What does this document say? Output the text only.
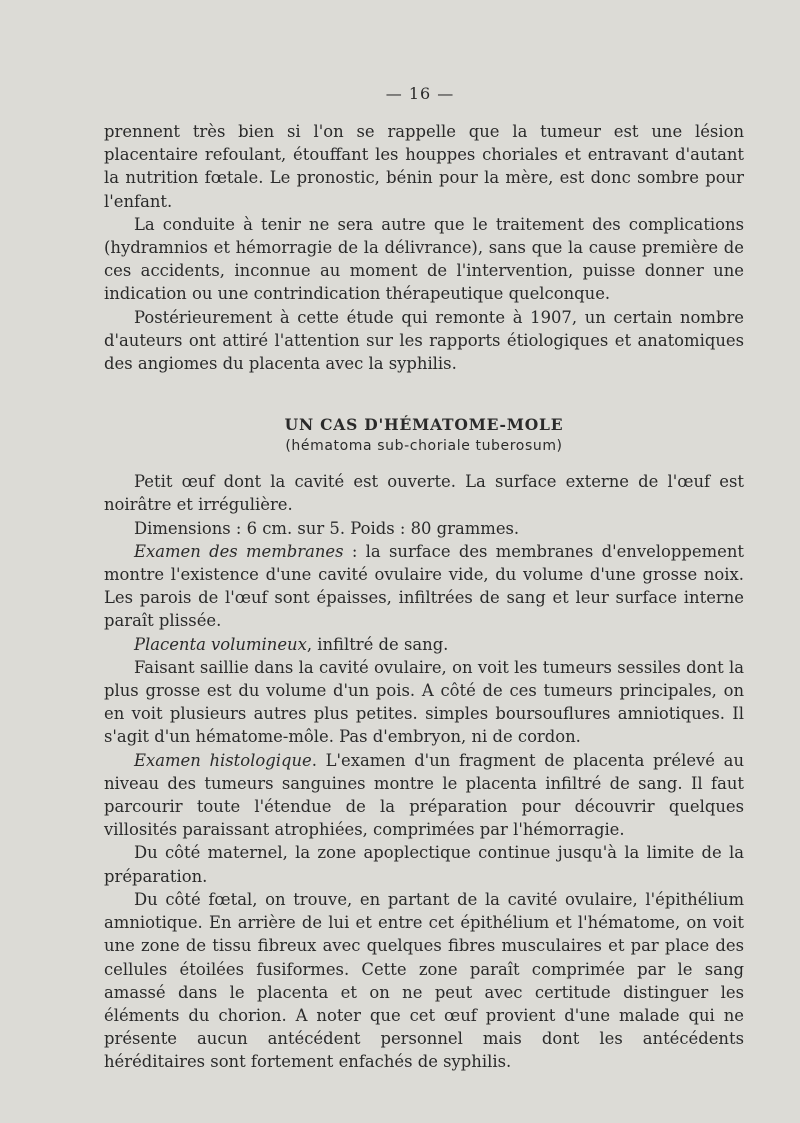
— 16 —

prennent très bien si l'on se rappelle que la tumeur est une lésion placentaire refoulant, étouffant les houppes choriales et entravant d'autant la nutrition fœtale. Le pronostic, bénin pour la mère, est donc sombre pour l'enfant.

La conduite à tenir ne sera autre que le traitement des complications (hydramnios et hémorragie de la délivrance), sans que la cause première de ces accidents, inconnue au moment de l'intervention, puisse donner une indication ou une contrindication thérapeutique quelconque.

Postérieurement à cette étude qui remonte à 1907, un certain nombre d'auteurs ont attiré l'attention sur les rapports étiologiques et anatomiques des angiomes du placenta avec la syphilis.

UN CAS D'HÉMATOME-MOLE

(hématoma sub-choriale tuberosum)

Petit œuf dont la cavité est ouverte. La surface externe de l'œuf est noirâtre et irrégulière.

Dimensions : 6 cm. sur 5. Poids : 80 grammes.

Examen des membranes : la surface des membranes d'enveloppement montre l'existence d'une cavité ovulaire vide, du volume d'une grosse noix. Les parois de l'œuf sont épaisses, infiltrées de sang et leur surface interne paraît plissée.

Placenta volumineux, infiltré de sang.

Faisant saillie dans la cavité ovulaire, on voit les tumeurs sessiles dont la plus grosse est du volume d'un pois. A côté de ces tumeurs principales, on en voit plusieurs autres plus petites. simples boursouflures amniotiques. Il s'agit d'un hématome-môle. Pas d'embryon, ni de cordon.

Examen histologique. L'examen d'un fragment de placenta prélevé au niveau des tumeurs sanguines montre le placenta infiltré de sang. Il faut parcourir toute l'étendue de la préparation pour découvrir quelques villosités paraissant atrophiées, comprimées par l'hémorragie.

Du côté maternel, la zone apoplectique continue jusqu'à la limite de la préparation.

Du côté fœtal, on trouve, en partant de la cavité ovulaire, l'épithélium amniotique. En arrière de lui et entre cet épithélium et l'hématome, on voit une zone de tissu fibreux avec quelques fibres musculaires et par place des cellules étoilées fusiformes. Cette zone paraît comprimée par le sang amassé dans le placenta et on ne peut avec certitude distinguer les éléments du chorion. A noter que cet œuf provient d'une malade qui ne présente aucun antécédent personnel mais dont les antécédents héréditaires sont fortement enfachés de syphilis.
